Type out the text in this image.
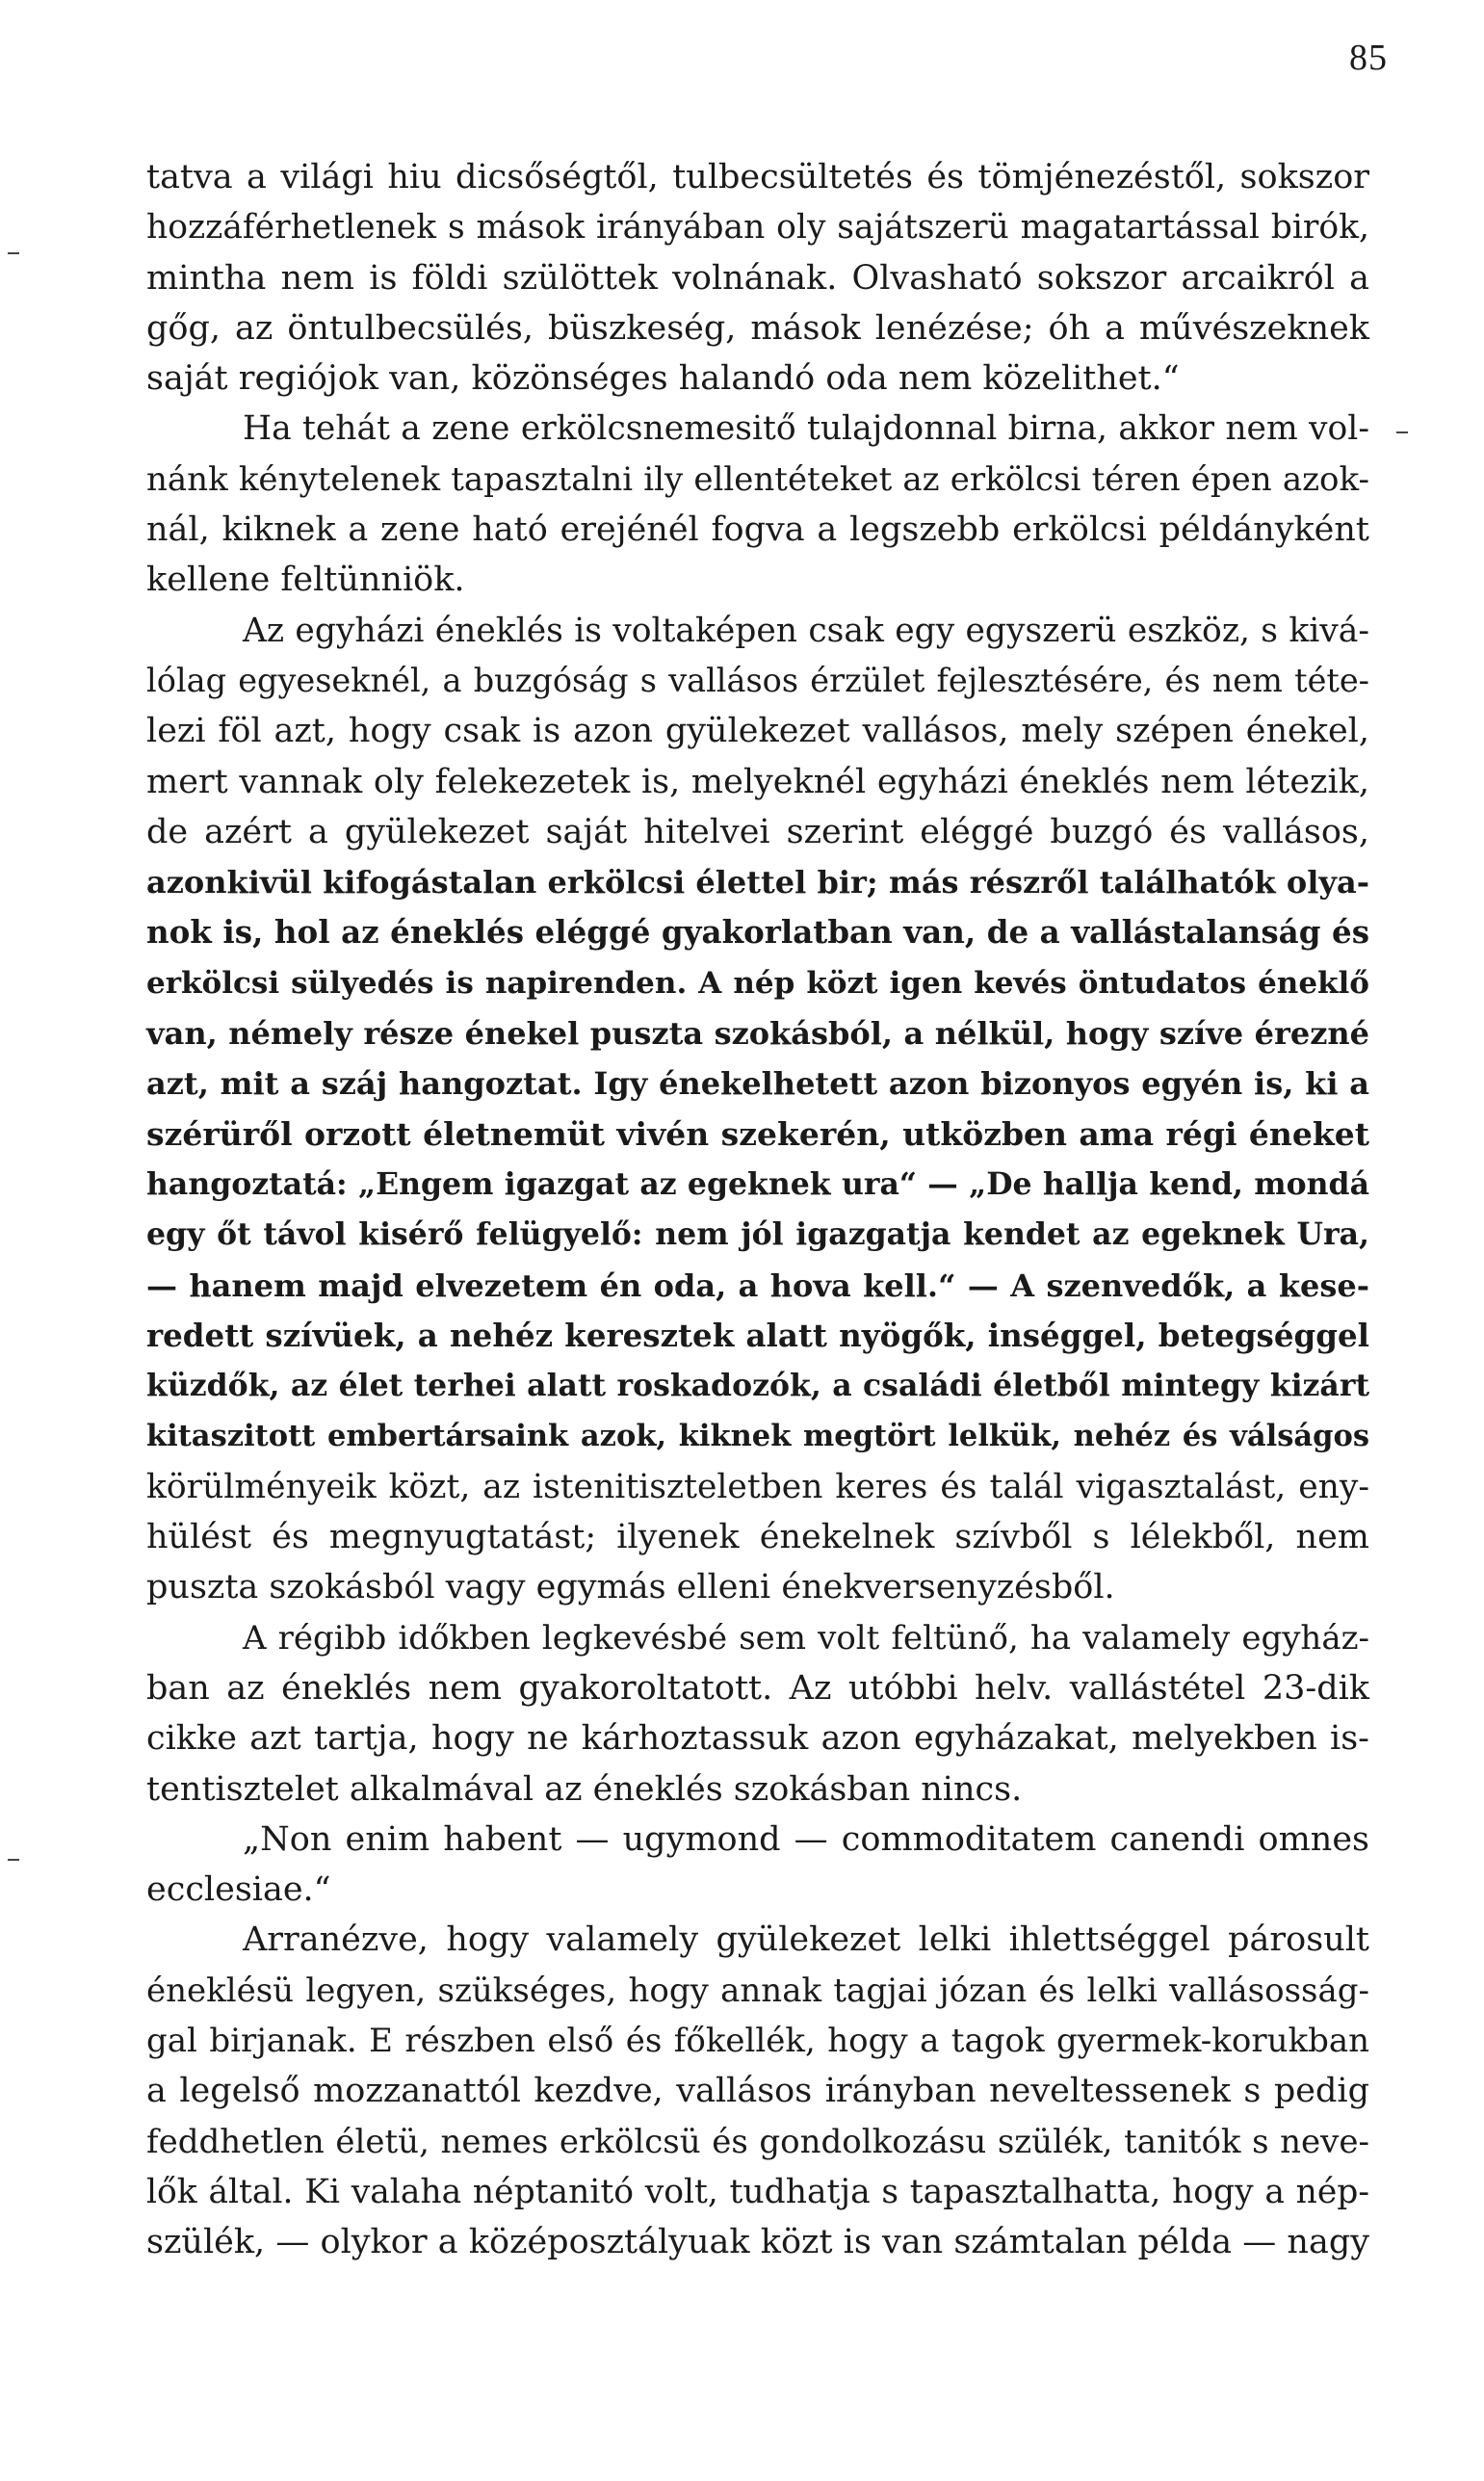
85
tatva a világi hiu dicsőségtől, tulbecsültetés és tömjénezéstől, sokszor
hozzáférhetlenek s mások irányában oly sajátszerü magatartással birók,
mintha nem is földi szülöttek volnának. Olvasható sokszor arcaikról a
gőg, az öntulbecsülés, büszkeség, mások lenézése; óh a művészeknek
saját regiójok van, közönséges halandó oda nem közelithet.“
Ha tehát a zene erkölcsnemesitő tulajdonnal birna, akkor nem vol-
nánk kénytelenek tapasztalni ily ellentéteket az erkölcsi téren épen azok-
nál, kiknek a zene ható erejénél fogva a legszebb erkölcsi példányként
kellene feltünniök.
Az egyházi éneklés is voltaképen csak egy egyszerü eszköz, s kivá-
lólag egyeseknél, a buzgóság s vallásos érzület fejlesztésére, és nem téte-
lezi föl azt, hogy csak is azon gyülekezet vallásos, mely szépen énekel,
mert vannak oly felekezetek is, melyeknél egyházi éneklés nem létezik,
de azért a gyülekezet saját hitelvei szerint eléggé buzgó és vallásos,
azonkivül kifogástalan erkölcsi élettel bir; más részről találhatók olya-
nok is, hol az éneklés eléggé gyakorlatban van, de a vallástalanság és
erkölcsi sülyedés is napirenden. A nép közt igen kevés öntudatos éneklő
van, némely része énekel puszta szokásból, a nélkül, hogy szíve érezné
azt, mit a száj hangoztat. Igy énekelhetett azon bizonyos egyén is, ki a
szérüről orzott életnemüt vivén szekerén, utközben ama régi éneket
hangoztatá: „Engem igazgat az egeknek ura“ — „De hallja kend, mondá
egy őt távol kisérő felügyelő: nem jól igazgatja kendet az egeknek Ura,
— hanem majd elvezetem én oda, a hova kell.“ — A szenvedők, a kese-
redett szívüek, a nehéz keresztek alatt nyögők, inséggel, betegséggel
küzdők, az élet terhei alatt roskadozók, a családi életből mintegy kizárt
kitaszitott embertársaink azok, kiknek megtört lelkük, nehéz és válságos
körülményeik közt, az istenitiszteletben keres és talál vigasztalást, eny-
hülést és megnyugtatást; ilyenek énekelnek szívből s lélekből, nem
puszta szokásból vagy egymás elleni énekversenyzésből.
A régibb időkben legkevésbé sem volt feltünő, ha valamely egyház-
ban az éneklés nem gyakoroltatott. Az utóbbi helv. vallástétel 23-dik
cikke azt tartja, hogy ne kárhoztassuk azon egyházakat, melyekben is-
tentisztelet alkalmával az éneklés szokásban nincs.
„Non enim habent — ugymond — commoditatem canendi omnes
ecclesiae.“
Arranézve, hogy valamely gyülekezet lelki ihlettséggel párosult
éneklésü legyen, szükséges, hogy annak tagjai józan és lelki vallásosság-
gal birjanak. E részben első és főkellék, hogy a tagok gyermek-korukban
a legelső mozzanattól kezdve, vallásos irányban neveltessenek s pedig
feddhetlen életü, nemes erkölcsü és gondolkozásu szülék, tanitók s neve-
lők által. Ki valaha néptanitó volt, tudhatja s tapasztalhatta, hogy a nép-
szülék, — olykor a középosztályuak közt is van számtalan példa — nagy
